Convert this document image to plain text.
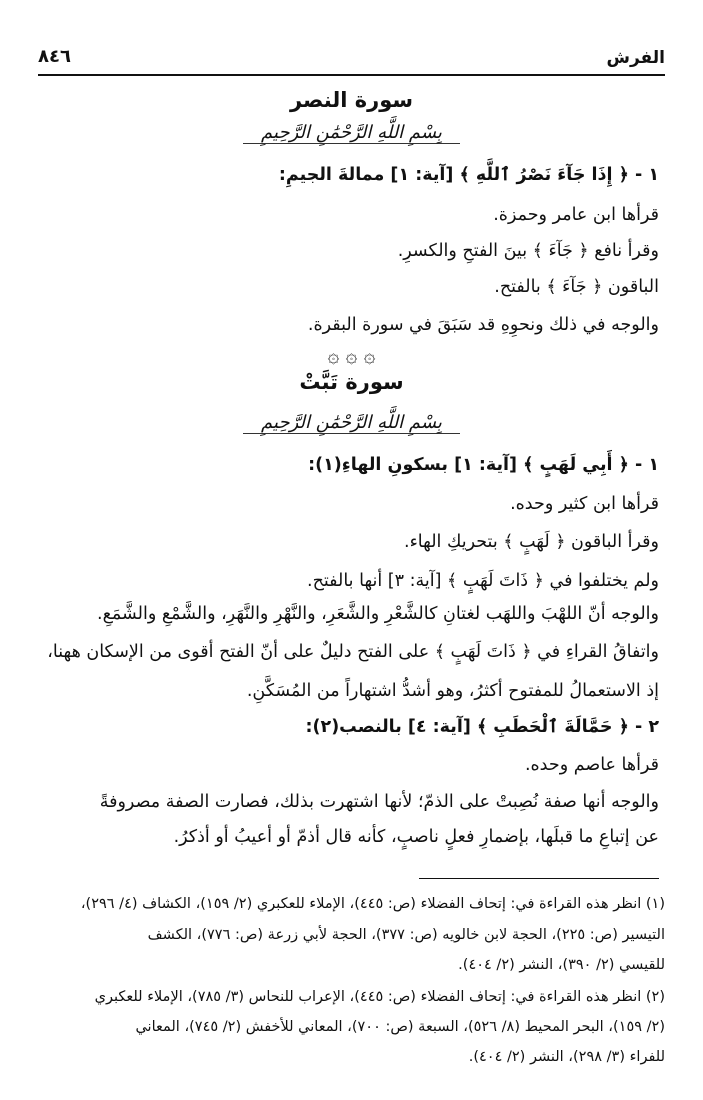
الفرش
٨٤٦
سورة النصر
بِسْمِ اللَّهِ الرَّحْمَٰنِ الرَّحِيمِ
١ - ﴿ إِذَا جَآءَ نَصْرُ ٱللَّهِ ﴾ [آية: ١] ممالةَ الجيمِ:
قرأها ابن عامر وحمزة.
وقرأ نافع ﴿ جَآءَ ﴾ بينَ الفتحِ والكسرِ.
الباقون ﴿ جَآءَ ﴾ بالفتح.
والوجه في ذلك ونحوِهِ قد سَبَقَ في سورة البقرة.
۞ ۞ ۞
سورة تَبَّتْ
بِسْمِ اللَّهِ الرَّحْمَٰنِ الرَّحِيمِ
١ - ﴿ أَبِي لَهَبٍ ﴾ [آية: ١] بسكونِ الهاءِ(١):
قرأها ابن كثير وحده.
وقرأ الباقون ﴿ لَهَبٍ ﴾ بتحريكِ الهاء.
ولم يختلفوا في ﴿ ذَاتَ لَهَبٍ ﴾ [آية: ٣] أنها بالفتح.
والوجه أنّ اللهْبَ واللهَب لغتانِ كالشَّعْرِ والشَّعَرِ، والنَّهْرِ والنَّهَرِ، والشَّمْعِ والشَّمَعِ.
واتفاقُ القراءِ في ﴿ ذَاتَ لَهَبٍ ﴾ على الفتح دليلٌ على أنّ الفتح أقوى من الإسكان ههنا،
إذ الاستعمالُ للمفتوح أكثرُ، وهو أشدُّ اشتهاراً من المُسَكَّنِ.
٢ - ﴿ حَمَّالَةَ ٱلْحَطَبِ ﴾ [آية: ٤] بالنصب(٢):
قرأها عاصم وحده.
والوجه أنها صفة نُصِبتْ على الذمّ؛ لأنها اشتهرت بذلك، فصارت الصفة مصروفةً
عن إتباعِ ما قبلَها، بإضمارِ فعلٍ ناصبٍ، كأنه قال أذمّ أو أعيبُ أو أذكرُ.
(١) انظر هذه القراءة في: إتحاف الفضلاء (ص: ٤٤٥)، الإملاء للعكبري (٢/ ١٥٩)، الكشاف (٤/ ٢٩٦)،
التيسير (ص: ٢٢٥)، الحجة لابن خالويه (ص: ٣٧٧)، الحجة لأبي زرعة (ص: ٧٧٦)، الكشف
للقيسي (٢/ ٣٩٠)، النشر (٢/ ٤٠٤).
(٢) انظر هذه القراءة في: إتحاف الفضلاء (ص: ٤٤٥)، الإعراب للنحاس (٣/ ٧٨٥)، الإملاء للعكبري
(٢/ ١٥٩)، البحر المحيط (٨/ ٥٢٦)، السبعة (ص: ٧٠٠)، المعاني للأخفش (٢/ ٧٤٥)، المعاني
للفراء (٣/ ٢٩٨)، النشر (٢/ ٤٠٤).
